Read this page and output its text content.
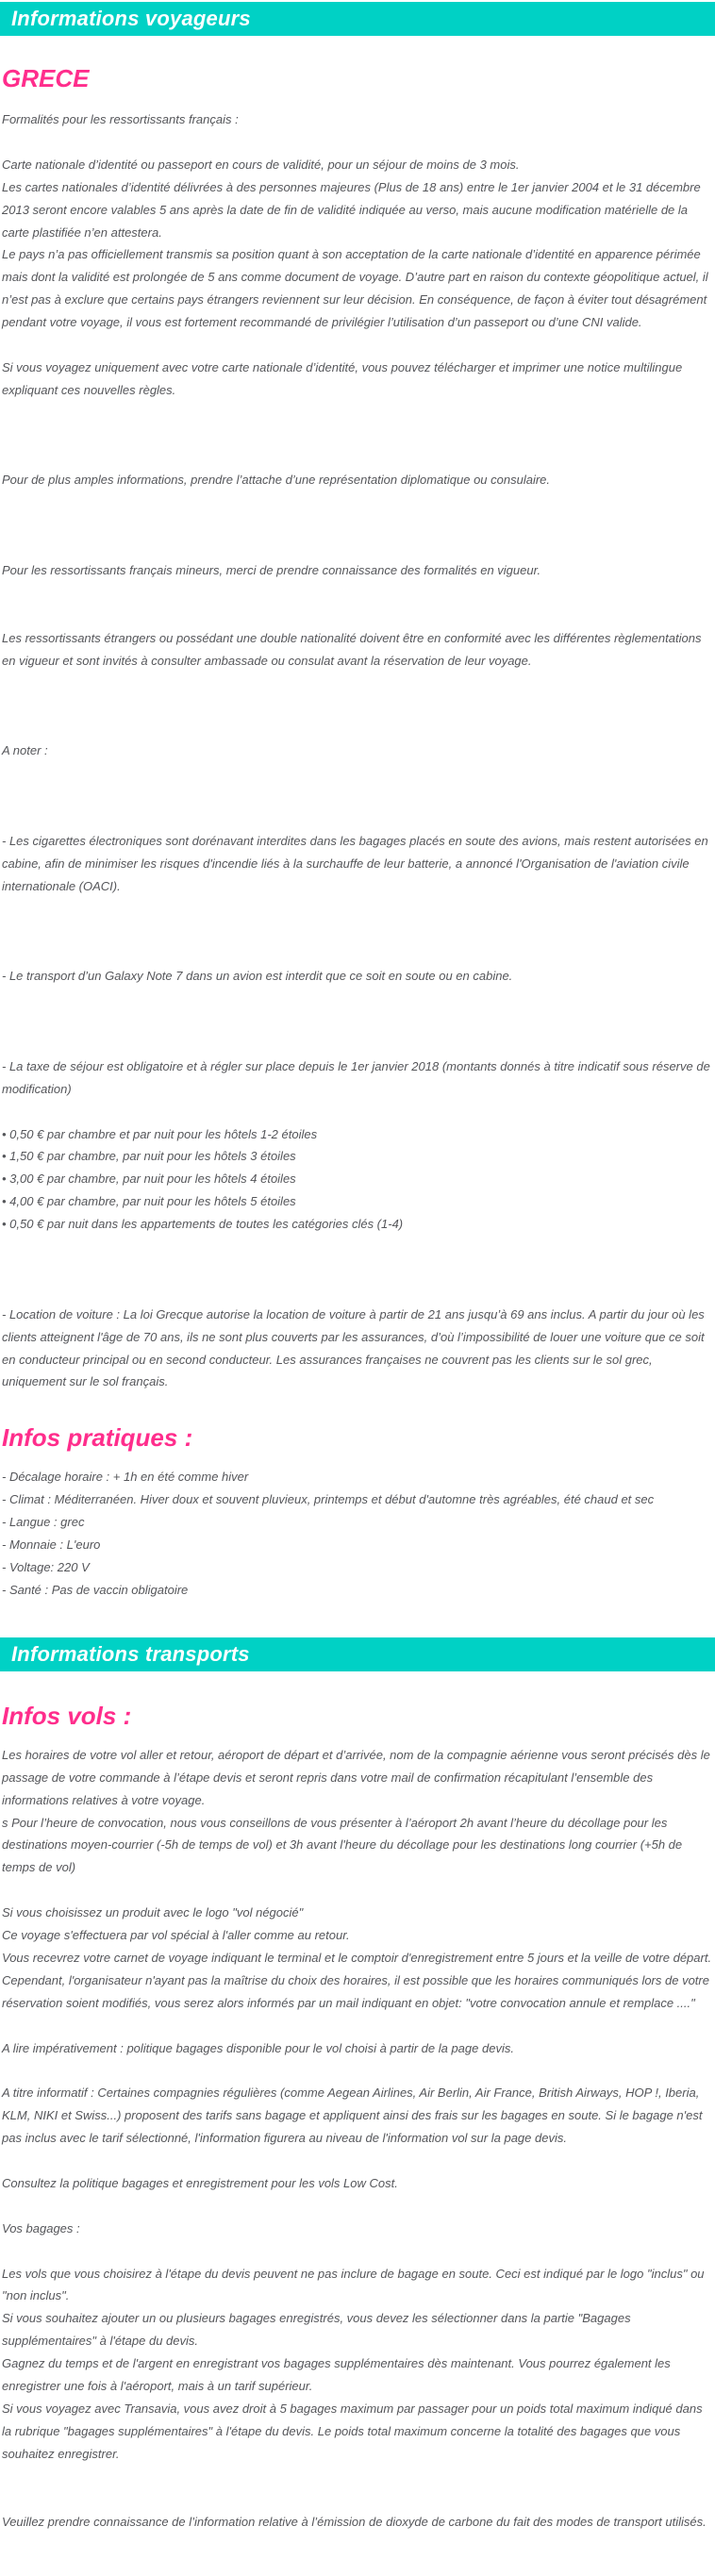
Informations voyageurs
GRECE

Formalités pour les ressortissants français :

Carte nationale d’identité ou passeport en cours de validité, pour un séjour de moins de 3 mois.

Les cartes nationales d’identité délivrées à des personnes majeures (Plus de 18 ans) entre le 1er janvier 2004 et le 31 décembre 2013 seront encore valables 5 ans après la date de fin de validité indiquée au verso, mais aucune modification matérielle de la carte plastifiée n’en attestera.

Le pays n’a pas officiellement transmis sa position quant à son acceptation de la carte nationale d’identité en apparence périmée mais dont la validité est prolongée de 5 ans comme document de voyage. D’autre part en raison du contexte géopolitique actuel, il n’est pas à exclure que certains pays étrangers reviennent sur leur décision. En conséquence, de façon à éviter tout désagrément pendant votre voyage, il vous est fortement recommandé de privilégier l’utilisation d’un passeport ou d’une CNI valide.

Si vous voyagez uniquement avec votre carte nationale d’identité, vous pouvez télécharger et imprimer une notice multilingue expliquant ces nouvelles règles.

Pour de plus amples informations, prendre l’attache d’une représentation diplomatique ou consulaire.

Pour les ressortissants français mineurs, merci de prendre connaissance des formalités en vigueur.

Les ressortissants étrangers ou possédant une double nationalité doivent être en conformité avec les différentes règlementations en vigueur et sont invités à consulter ambassade ou consulat avant la réservation de leur voyage.

A noter :

- Les cigarettes électroniques sont dorénavant interdites dans les bagages placés en soute des avions, mais restent autorisées en cabine, afin de minimiser les risques d'incendie liés à la surchauffe de leur batterie, a annoncé l'Organisation de l'aviation civile internationale (OACI).

- Le transport d’un Galaxy Note 7 dans un avion est interdit que ce soit en soute ou en cabine.

- La taxe de séjour est obligatoire et à régler sur place depuis le 1er janvier 2018 (montants donnés à titre indicatif sous réserve de modification)

• 0,50 € par chambre et par nuit pour les hôtels 1-2 étoiles

• 1,50 € par chambre, par nuit pour les hôtels 3 étoiles

• 3,00 € par chambre, par nuit pour les hôtels 4 étoiles

• 4,00 € par chambre, par nuit pour les hôtels 5 étoiles

• 0,50 € par nuit dans les appartements de toutes les catégories clés (1-4)

- Location de voiture : La loi Grecque autorise la location de voiture à partir de 21 ans jusqu’à 69 ans inclus. A partir du jour où les clients atteignent l'âge de 70 ans, ils ne sont plus couverts par les assurances, d’où l’impossibilité de louer une voiture que ce soit en conducteur principal ou en second conducteur. Les assurances françaises ne couvrent pas les clients sur le sol grec, uniquement sur le sol français.

Infos pratiques :

- Décalage horaire : + 1h en été comme hiver

- Climat : Méditerranéen. Hiver doux et souvent pluvieux, printemps et début d'automne très agréables, été chaud et sec

- Langue : grec

- Monnaie : L'euro

- Voltage: 220 V

- Santé : Pas de vaccin obligatoire

Informations transports
Infos vols :

Les horaires de votre vol aller et retour, aéroport de départ et d’arrivée, nom de la compagnie aérienne vous seront précisés dès le passage de votre commande à l’étape devis et seront repris dans votre mail de confirmation récapitulant l’ensemble des informations relatives à votre voyage.

s Pour l’heure de convocation, nous vous conseillons de vous présenter à l’aéroport 2h avant l’heure du décollage pour les destinations moyen-courrier (-5h de temps de vol) et 3h avant l'heure du décollage pour les destinations long courrier (+5h de temps de vol)

Si vous choisissez un produit avec le logo "vol négocié"

Ce voyage s'effectuera par vol spécial à l'aller comme au retour.

Vous recevrez votre carnet de voyage indiquant le terminal et le comptoir d'enregistrement entre 5 jours et la veille de votre départ.

Cependant, l'organisateur n'ayant pas la maîtrise du choix des horaires, il est possible que les horaires communiqués lors de votre réservation soient modifiés, vous serez alors informés par un mail indiquant en objet: "votre convocation annule et remplace ...."

A lire impérativement : politique bagages disponible pour le vol choisi à partir de la page devis.

A titre informatif : Certaines compagnies régulières (comme Aegean Airlines, Air Berlin, Air France, British Airways, HOP !, Iberia, KLM, NIKI et Swiss...) proposent des tarifs sans bagage et appliquent ainsi des frais sur les bagages en soute. Si le bagage n'est pas inclus avec le tarif sélectionné, l'information figurera au niveau de l'information vol sur la page devis.

Consultez la politique bagages et enregistrement pour les vols Low Cost.

Vos bagages :

Les vols que vous choisirez à l'étape du devis peuvent ne pas inclure de bagage en soute. Ceci est indiqué par le logo "inclus" ou "non inclus".

Si vous souhaitez ajouter un ou plusieurs bagages enregistrés, vous devez les sélectionner dans la partie "Bagages supplémentaires" à l'étape du devis.

Gagnez du temps et de l'argent en enregistrant vos bagages supplémentaires dès maintenant. Vous pourrez également les enregistrer une fois à l'aéroport, mais à un tarif supérieur.

Si vous voyagez avec Transavia, vous avez droit à 5 bagages maximum par passager pour un poids total maximum indiqué dans la rubrique "bagages supplémentaires" à l'étape du devis. Le poids total maximum concerne la totalité des bagages que vous souhaitez enregistrer.

Veuillez prendre connaissance de l’information relative à l’émission de dioxyde de carbone du fait des modes de transport utilisés.
